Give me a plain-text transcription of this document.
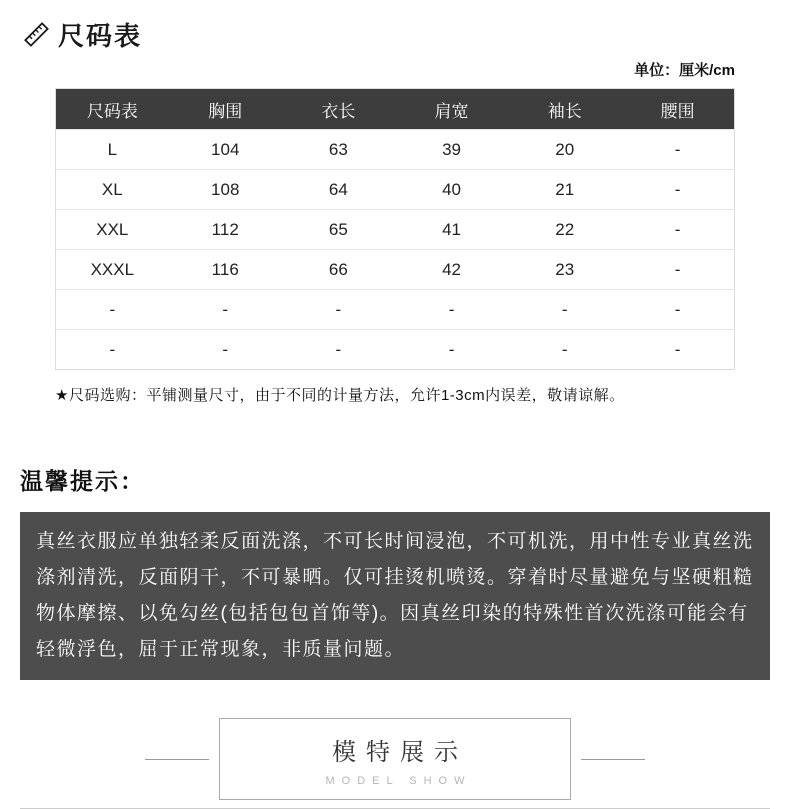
尺码表
单位：厘米/cm
尺码表	胸围	衣长	肩宽	袖长	腰围
L	104	63	39	20	-
XL	108	64	40	21	-
XXL	112	65	41	22	-
XXXL	116	66	42	23	-
-	-	-	-	-	-
-	-	-	-	-	-
★尺码选购：平铺测量尺寸，由于不同的计量方法，允许1-3cm内误差，敬请谅解。
温馨提示：

真丝衣服应单独轻柔反面洗涤，不可长时间浸泡，不可机洗，用中性专业真丝洗涤剂清洗，反面阴干，不可暴晒。仅可挂烫机喷烫。穿着时尽量避免与坚硬粗糙物体摩擦、以免勾丝(包括包包首饰等)。因真丝印染的特殊性首次洗涤可能会有轻微浮色，屈于正常现象，非质量问题。

模特展示
MODEL SHOW
